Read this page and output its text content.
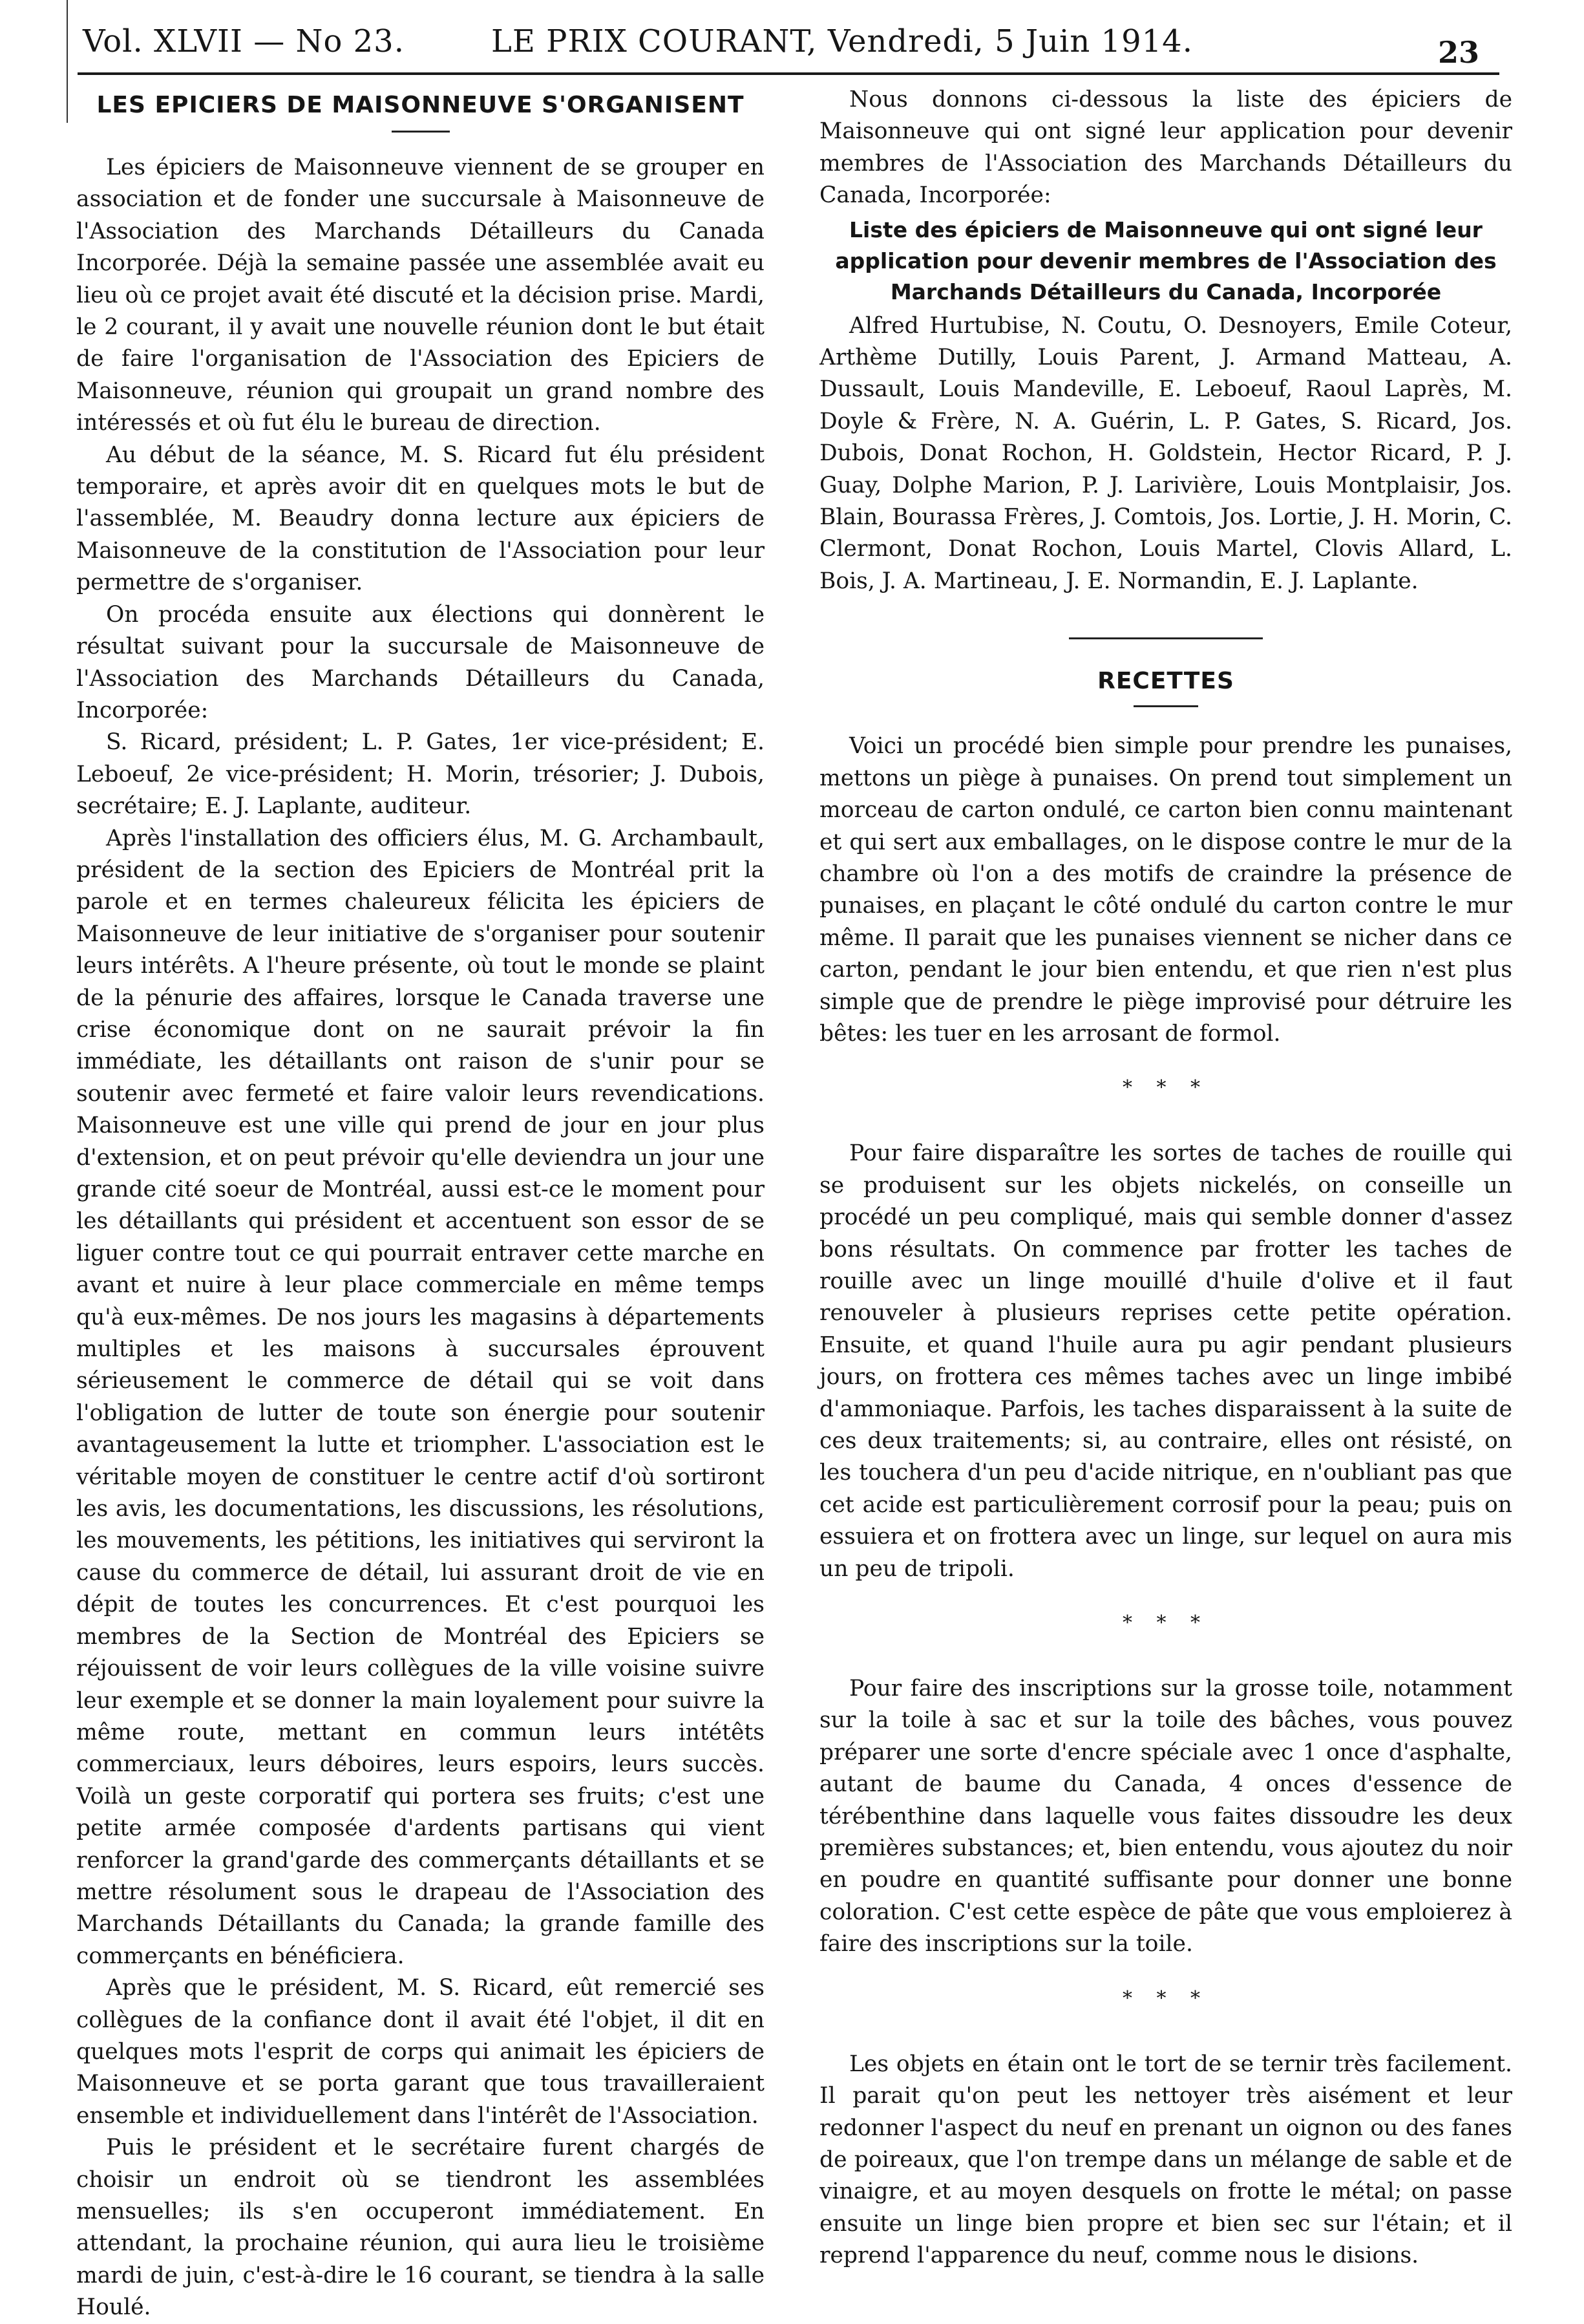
Vol. XLVII — No 23.	LE PRIX COURANT, Vendredi, 5 Juin 1914.	23
LES EPICIERS DE MAISONNEUVE S'ORGANISENT

Les épiciers de Maisonneuve viennent de se grouper en association et de fonder une succursale à Maisonneuve de l'Association des Marchands Détailleurs du Canada Incorporée. Déjà la semaine passée une assemblée avait eu lieu où ce projet avait été discuté et la décision prise. Mardi, le 2 courant, il y avait une nouvelle réunion dont le but était de faire l'organisation de l'Association des Epiciers de Maisonneuve, réunion qui groupait un grand nombre des intéressés et où fut élu le bureau de direction.

Au début de la séance, M. S. Ricard fut élu président temporaire, et après avoir dit en quelques mots le but de l'assemblée, M. Beaudry donna lecture aux épiciers de Maisonneuve de la constitution de l'Association pour leur permettre de s'organiser.

On procéda ensuite aux élections qui donnèrent le résultat suivant pour la succursale de Maisonneuve de l'Association des Marchands Détailleurs du Canada, Incorporée:

S. Ricard, président; L. P. Gates, 1er vice-président; E. Leboeuf, 2e vice-président; H. Morin, trésorier; J. Dubois, secrétaire; E. J. Laplante, auditeur.

Après l'installation des officiers élus, M. G. Archambault, président de la section des Epiciers de Montréal prit la parole et en termes chaleureux félicita les épiciers de Maisonneuve de leur initiative de s'organiser pour soutenir leurs intérêts. A l'heure présente, où tout le monde se plaint de la pénurie des affaires, lorsque le Canada traverse une crise économique dont on ne saurait prévoir la fin immédiate, les détaillants ont raison de s'unir pour se soutenir avec fermeté et faire valoir leurs revendications. Maisonneuve est une ville qui prend de jour en jour plus d'extension, et on peut prévoir qu'elle deviendra un jour une grande cité soeur de Montréal, aussi est-ce le moment pour les détaillants qui président et accentuent son essor de se liguer contre tout ce qui pourrait entraver cette marche en avant et nuire à leur place commerciale en même temps qu'à eux-mêmes. De nos jours les magasins à départements multiples et les maisons à succursales éprouvent sérieusement le commerce de détail qui se voit dans l'obligation de lutter de toute son énergie pour soutenir avantageusement la lutte et triompher. L'association est le véritable moyen de constituer le centre actif d'où sortiront les avis, les documentations, les discussions, les résolutions, les mouvements, les pétitions, les initiatives qui serviront la cause du commerce de détail, lui assurant droit de vie en dépit de toutes les concurrences. Et c'est pourquoi les membres de la Section de Montréal des Epiciers se réjouissent de voir leurs collègues de la ville voisine suivre leur exemple et se donner la main loyalement pour suivre la même route, mettant en commun leurs intétêts commerciaux, leurs déboires, leurs espoirs, leurs succès. Voilà un geste corporatif qui portera ses fruits; c'est une petite armée composée d'ardents partisans qui vient renforcer la grand'garde des commerçants détaillants et se mettre résolument sous le drapeau de l'Association des Marchands Détaillants du Canada; la grande famille des commerçants en bénéficiera.

Après que le président, M. S. Ricard, eût remercié ses collègues de la confiance dont il avait été l'objet, il dit en quelques mots l'esprit de corps qui animait les épiciers de Maisonneuve et se porta garant que tous travailleraient ensemble et individuellement dans l'intérêt de l'Association.

Puis le président et le secrétaire furent chargés de choisir un endroit où se tiendront les assemblées mensuelles; ils s'en occuperont immédiatement. En attendant, la prochaine réunion, qui aura lieu le troisième mardi de juin, c'est-à-dire le 16 courant, se tiendra à la salle Houlé.

Nous donnons ci-dessous la liste des épiciers de Maisonneuve qui ont signé leur application pour devenir membres de l'Association des Marchands Détailleurs du Canada, Incorporée:

Liste des épiciers de Maisonneuve qui ont signé leur application pour devenir membres de l'Association des Marchands Détailleurs du Canada, Incorporée

Alfred Hurtubise, N. Coutu, O. Desnoyers, Emile Coteur, Arthème Dutilly, Louis Parent, J. Armand Matteau, A. Dussault, Louis Mandeville, E. Leboeuf, Raoul Laprès, M. Doyle & Frère, N. A. Guérin, L. P. Gates, S. Ricard, Jos. Dubois, Donat Rochon, H. Goldstein, Hector Ricard, P. J. Guay, Dolphe Marion, P. J. Larivière, Louis Montplaisir, Jos. Blain, Bourassa Frères, J. Comtois, Jos. Lortie, J. H. Morin, C. Clermont, Donat Rochon, Louis Martel, Clovis Allard, L. Bois, J. A. Martineau, J. E. Normandin, E. J. Laplante.

RECETTES

Voici un procédé bien simple pour prendre les punaises, mettons un piège à punaises. On prend tout simplement un morceau de carton ondulé, ce carton bien connu maintenant et qui sert aux emballages, on le dispose contre le mur de la chambre où l'on a des motifs de craindre la présence de punaises, en plaçant le côté ondulé du carton contre le mur même. Il parait que les punaises viennent se nicher dans ce carton, pendant le jour bien entendu, et que rien n'est plus simple que de prendre le piège improvisé pour détruire les bêtes: les tuer en les arrosant de formol.

* * *

Pour faire disparaître les sortes de taches de rouille qui se produisent sur les objets nickelés, on conseille un procédé un peu compliqué, mais qui semble donner d'assez bons résultats. On commence par frotter les taches de rouille avec un linge mouillé d'huile d'olive et il faut renouveler à plusieurs reprises cette petite opération. Ensuite, et quand l'huile aura pu agir pendant plusieurs jours, on frottera ces mêmes taches avec un linge imbibé d'ammoniaque. Parfois, les taches disparaissent à la suite de ces deux traitements; si, au contraire, elles ont résisté, on les touchera d'un peu d'acide nitrique, en n'oubliant pas que cet acide est particulièrement corrosif pour la peau; puis on essuiera et on frottera avec un linge, sur lequel on aura mis un peu de tripoli.

* * *

Pour faire des inscriptions sur la grosse toile, notamment sur la toile à sac et sur la toile des bâches, vous pouvez préparer une sorte d'encre spéciale avec 1 once d'asphalte, autant de baume du Canada, 4 onces d'essence de térébenthine dans laquelle vous faites dissoudre les deux premières substances; et, bien entendu, vous ajoutez du noir en poudre en quantité suffisante pour donner une bonne coloration. C'est cette espèce de pâte que vous emploierez à faire des inscriptions sur la toile.

* * *

Les objets en étain ont le tort de se ternir très facilement. Il parait qu'on peut les nettoyer très aisément et leur redonner l'aspect du neuf en prenant un oignon ou des fanes de poireaux, que l'on trempe dans un mélange de sable et de vinaigre, et au moyen desquels on frotte le métal; on passe ensuite un linge bien propre et bien sec sur l'étain; et il reprend l'apparence du neuf, comme nous le disions.
